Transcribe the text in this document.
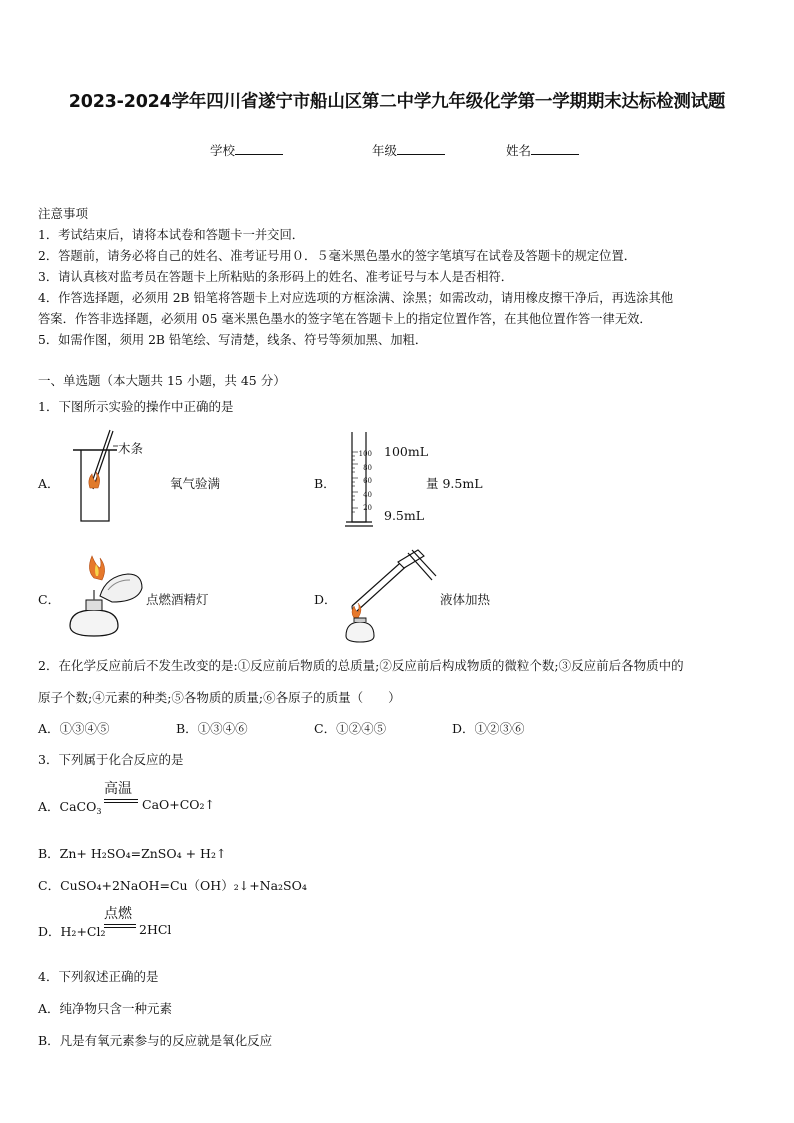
2023-2024学年四川省遂宁市船山区第二中学九年级化学第一学期期末达标检测试题
学校	年级	姓名
注意事项
1．考试结束后，请将本试卷和答题卡一并交回．
2．答题前，请务必将自己的姓名、准考证号用０．５毫米黑色墨水的签字笔填写在试卷及答题卡的规定位置．
3．请认真核对监考员在答题卡上所粘贴的条形码上的姓名、准考证号与本人是否相符．
4．作答选择题，必须用 2B 铅笔将答题卡上对应选项的方框涂满、涂黑；如需改动，请用橡皮擦干净后，再选涂其他
答案．作答非选择题，必须用 05 毫米黑色墨水的签字笔在答题卡上的指定位置作答，在其他位置作答一律无效．
5．如需作图，须用 2B 铅笔绘、写清楚，线条、符号等须加黑、加粗．
一、单选题（本大题共 15 小题，共 45 分）
1．下图所示实验的操作中正确的是
A．
木条
氧气验满	B．
100
80
60
40
20
100mL
9.5mL
量 9.5mL
C．	点燃酒精灯	D．	液体加热
2．在化学反应前后不发生改变的是:①反应前后物质的总质量;②反应前后构成物质的微粒个数;③反应前后各物质中的
原子个数;④元素的种类;⑤各物质的质量;⑥各原子的质量（　　）
A．①③④⑤	B．①③④⑥	C．①②④⑤	D．①②③⑥
3．下列属于化合反应的是
A．CaCO$_3$
高温
CaO+CO₂↑
B．Zn+ H₂SO₄=ZnSO₄ + H₂↑
C．CuSO₄+2NaOH=Cu（OH）₂↓+Na₂SO₄
D．H₂+Cl₂
点燃
2HCl
4．下列叙述正确的是
A．纯净物只含一种元素
B．凡是有氧元素参与的反应就是氧化反应
